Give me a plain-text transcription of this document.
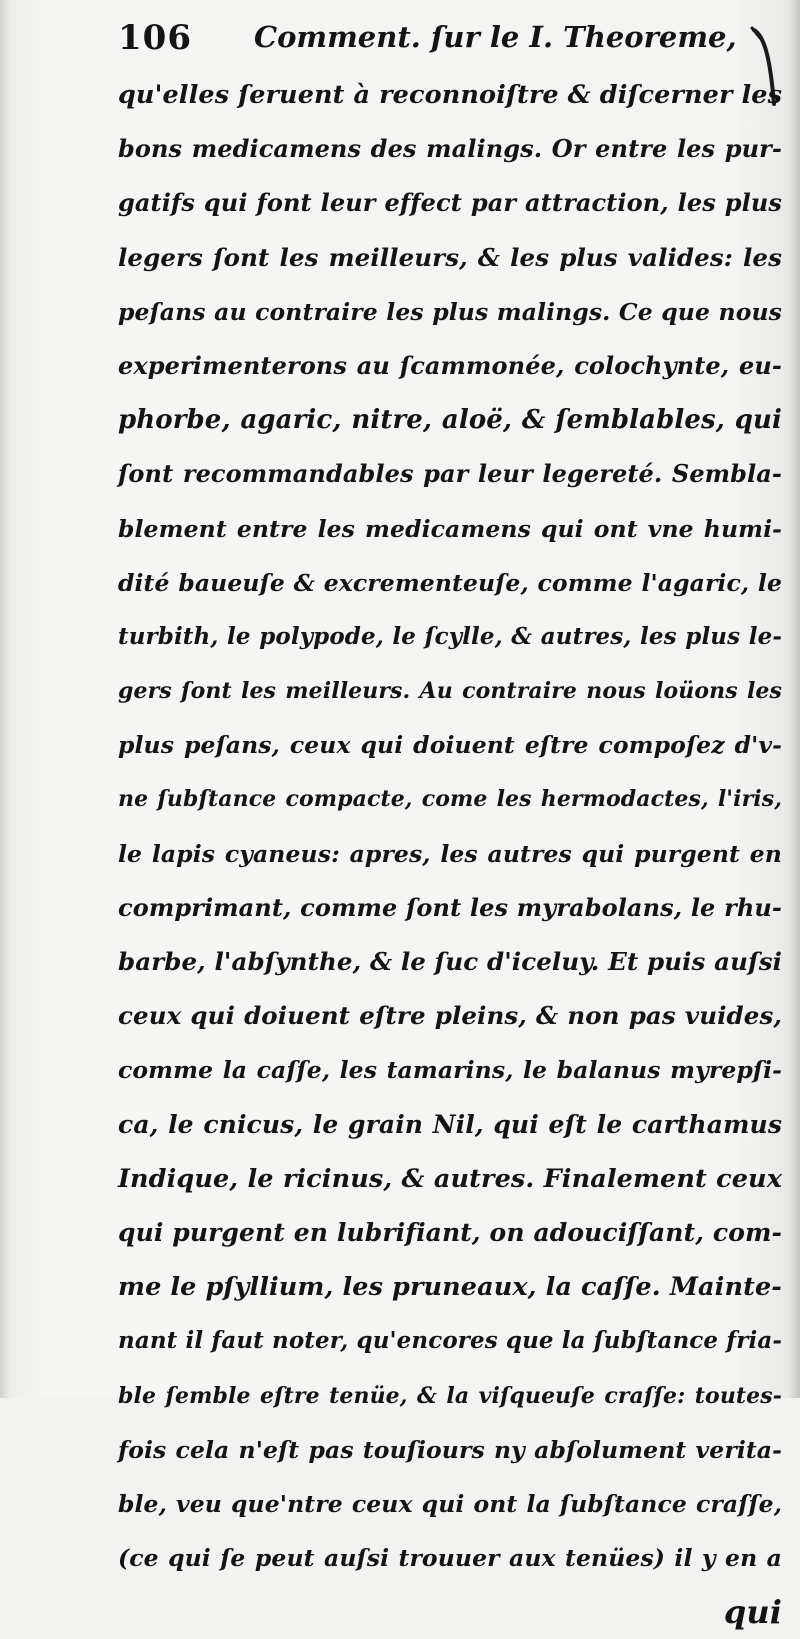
106 Comment. ſur le I. Theoreme,
qu'elles ſeruent à reconnoiſtre & diſcerner les
bons medicamens des malings. Or entre les pur-
gatifs qui font leur effect par attraction, les plus
legers ſont les meilleurs, & les plus valides: les
peſans au contraire les plus malings. Ce que nous
experimenterons au ſcammonée, colochynte, eu-
phorbe, agaric, nitre, aloë, & ſemblables, qui
ſont recommandables par leur legereté. Sembla-
blement entre les medicamens qui ont vne humi-
dité baueuſe & excrementeuſe, comme l'agaric, le
turbith, le polypode, le ſcylle, & autres, les plus le-
gers ſont les meilleurs. Au contraire nous loüons les
plus peſans, ceux qui doiuent eſtre compoſez d'v-
ne ſubſtance compacte, come les hermodactes, l'iris,
le lapis cyaneus: apres, les autres qui purgent en
comprimant, comme ſont les myrabolans, le rhu-
barbe, l'abſynthe, & le ſuc d'iceluy. Et puis auſsi
ceux qui doiuent eſtre pleins, & non pas vuides,
comme la caſſe, les tamarins, le balanus myrepſi-
ca, le cnicus, le grain Nil, qui eſt le carthamus
Indique, le ricinus, & autres. Finalement ceux
qui purgent en lubrifiant, on adouciſſant, com-
me le pſyllium, les pruneaux, la caſſe. Mainte-
nant il faut noter, qu'encores que la ſubſtance fria-
ble ſemble eſtre tenüe, & la viſqueuſe craſſe: toutes-
fois cela n'eſt pas touſiours ny abſolument verita-
ble, veu que'ntre ceux qui ont la ſubſtance craſſe,
(ce qui ſe peut auſsi trouuer aux tenües) il y en a
qui
